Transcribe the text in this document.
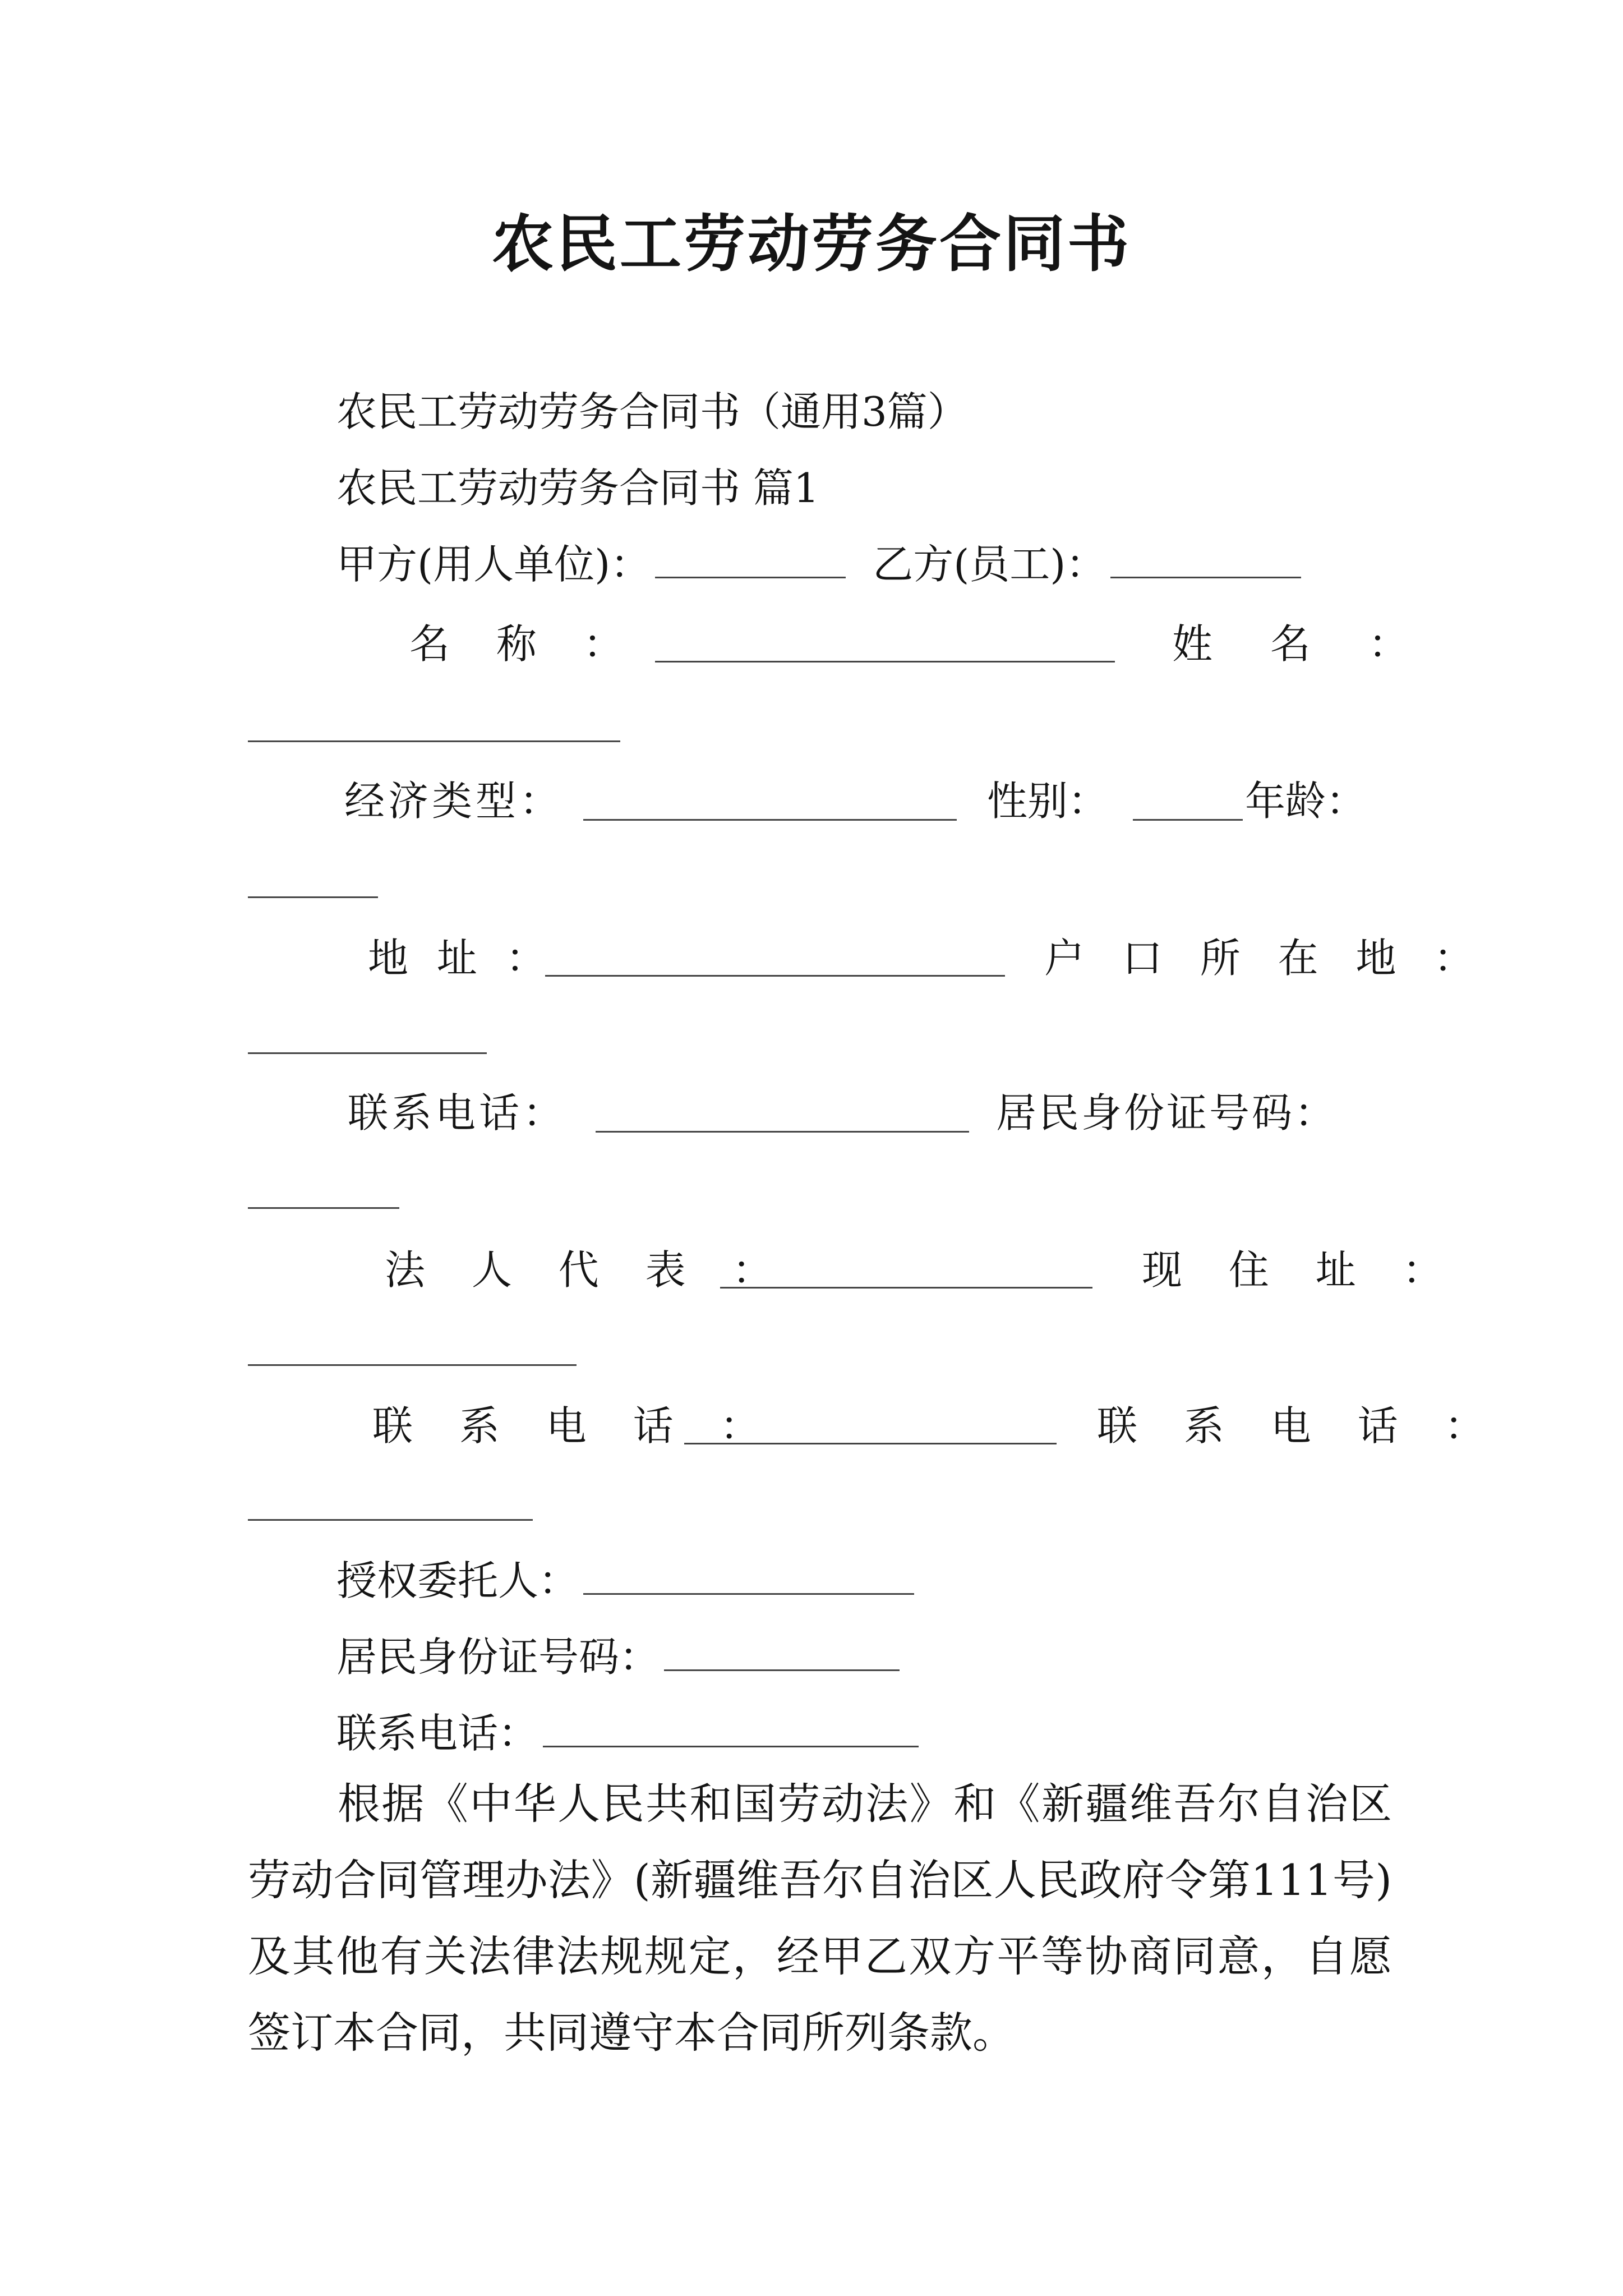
农民工劳动劳务合同书
农民工劳动劳务合同书（通用3篇）
农民工劳动劳务合同书 篇1
甲方(用人单位)：	乙方(员工)：
名 称 ：	姓 名 ：
经济类型：	性别：	年龄：
地 址 ：	户 口 所 在 地 ：
联系电话：	居民身份证号码：
法 人 代 表 ：	现 住 址 ：
联 系 电 话 ：	联 系 电 话 ：
授权委托人：
居民身份证号码：
联系电话：

根据《中华人民共和国劳动法》和《新疆维吾尔自治区劳动合同管理办法》(新疆维吾尔自治区人民政府令第111号)及其他有关法律法规规定，经甲乙双方平等协商同意，自愿签订本合同，共同遵守本合同所列条款。
